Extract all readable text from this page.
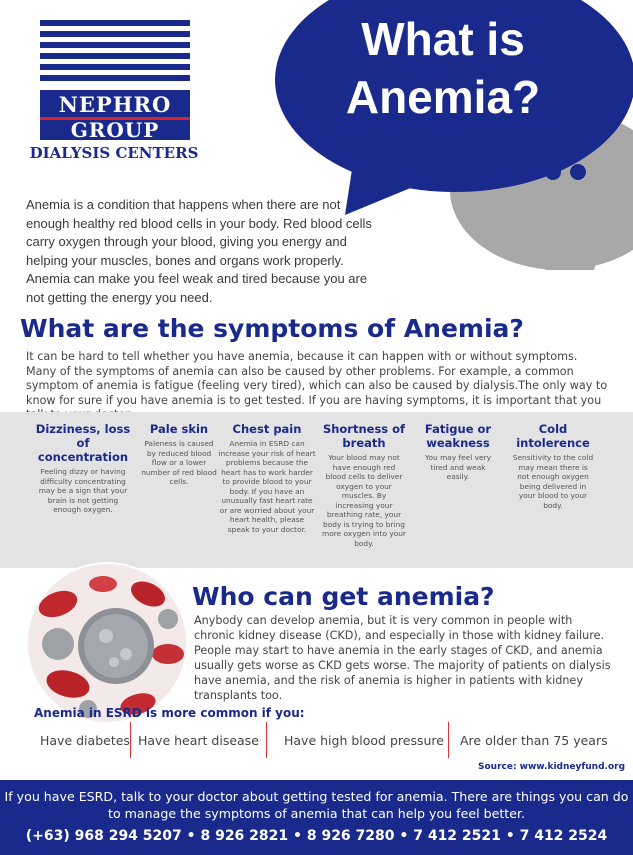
What is
Anemia?
NEPHRO
GROUP
DIALYSIS CENTERS
Anemia is a condition that happens when there are not enough healthy red blood cells in your body. Red blood cells carry oxygen through your blood, giving you energy and helping your muscles, bones and organs work properly. Anemia can make you feel weak and tired because you are not getting the energy you need.
What are the symptoms of Anemia?
It can be hard to tell whether you have anemia, because it can happen with or without symptoms. Many of the symptoms of anemia can also be caused by other problems. For example, a common symptom of anemia is fatigue (feeling very tired), which can also be caused by dialysis.The only way to know for sure if you have anemia is to get tested. If you are having symptoms, it is important that you
Dizziness, loss of concentration
Feeling dizzy or having difficulty concentrating may be a sign that your brain is not getting enough oxygen.
Pale skin
Paleness is caused by reduced blood flow or a lower number of red blood cells.
Chest pain
Anemia in ESRD can increase your risk of heart problems because the heart has to work harder to provide blood to your body. If you have an unusually fast heart rate or are worried about your heart health, please speak to your doctor.
Shortness of breath
Your blood may not have enough red blood cells to deliver oxygen to your muscles. By increasing your breathing rate, your body is trying to bring more oxygen into your body.
Fatigue or weakness
You may feel very tired and weak easily.
Cold intolerence
Sensitivity to the cold may mean there is not enough oxygen being delivered in your blood to your body.
Who can get anemia?
Anybody can develop anemia, but it is very common in people with chronic kidney disease (CKD), and especially in those with kidney failure. People may start to have anemia in the early stages of CKD, and anemia usually gets worse as CKD gets worse. The majority of patients on dialysis have anemia, and the risk of anemia is higher in patients with kidney transplants too.
Anemia in ESRD is more common if you:
Have diabetes Have heart disease Have high blood pressure Are older than 75 years
Source: www.kidneyfund.org
If you have ESRD, talk to your doctor about getting tested for anemia. There are things you can do to manage the symptoms of anemia that can help you feel better.
(+63) 968 294 5207 • 8 926 2821 • 8 926 7280 • 7 412 2521 • 7 412 2524
